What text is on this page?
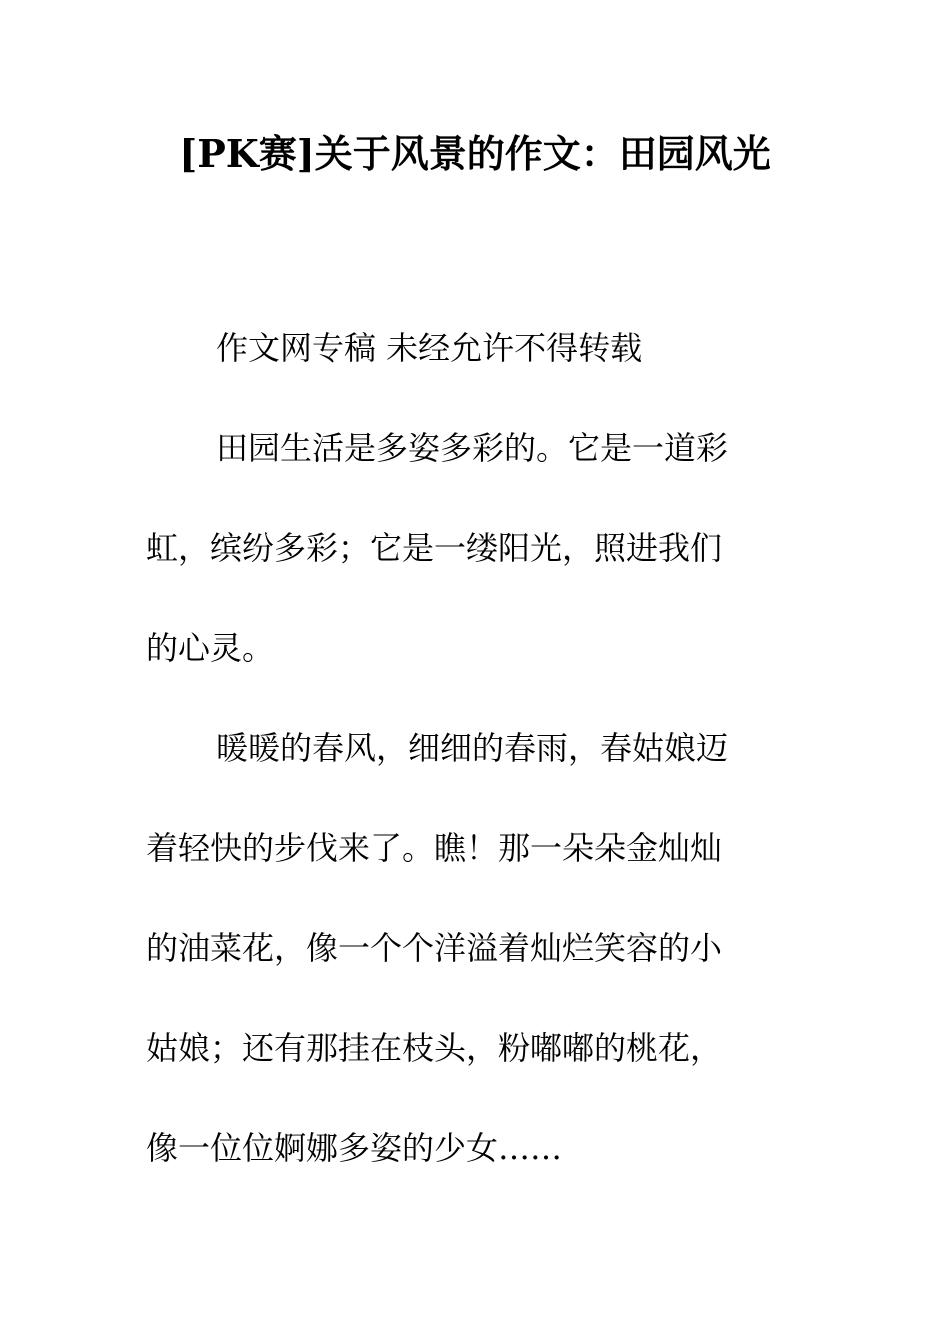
[PK赛]关于风景的作文：田园风光

作文网专稿 未经允许不得转载

田园生活是多姿多彩的。它是一道彩
虹，缤纷多彩；它是一缕阳光，照进我们
的心灵。

暖暖的春风，细细的春雨，春姑娘迈
着轻快的步伐来了。瞧！那一朵朵金灿灿
的油菜花，像一个个洋溢着灿烂笑容的小
姑娘；还有那挂在枝头，粉嘟嘟的桃花，
像一位位婀娜多姿的少女……
